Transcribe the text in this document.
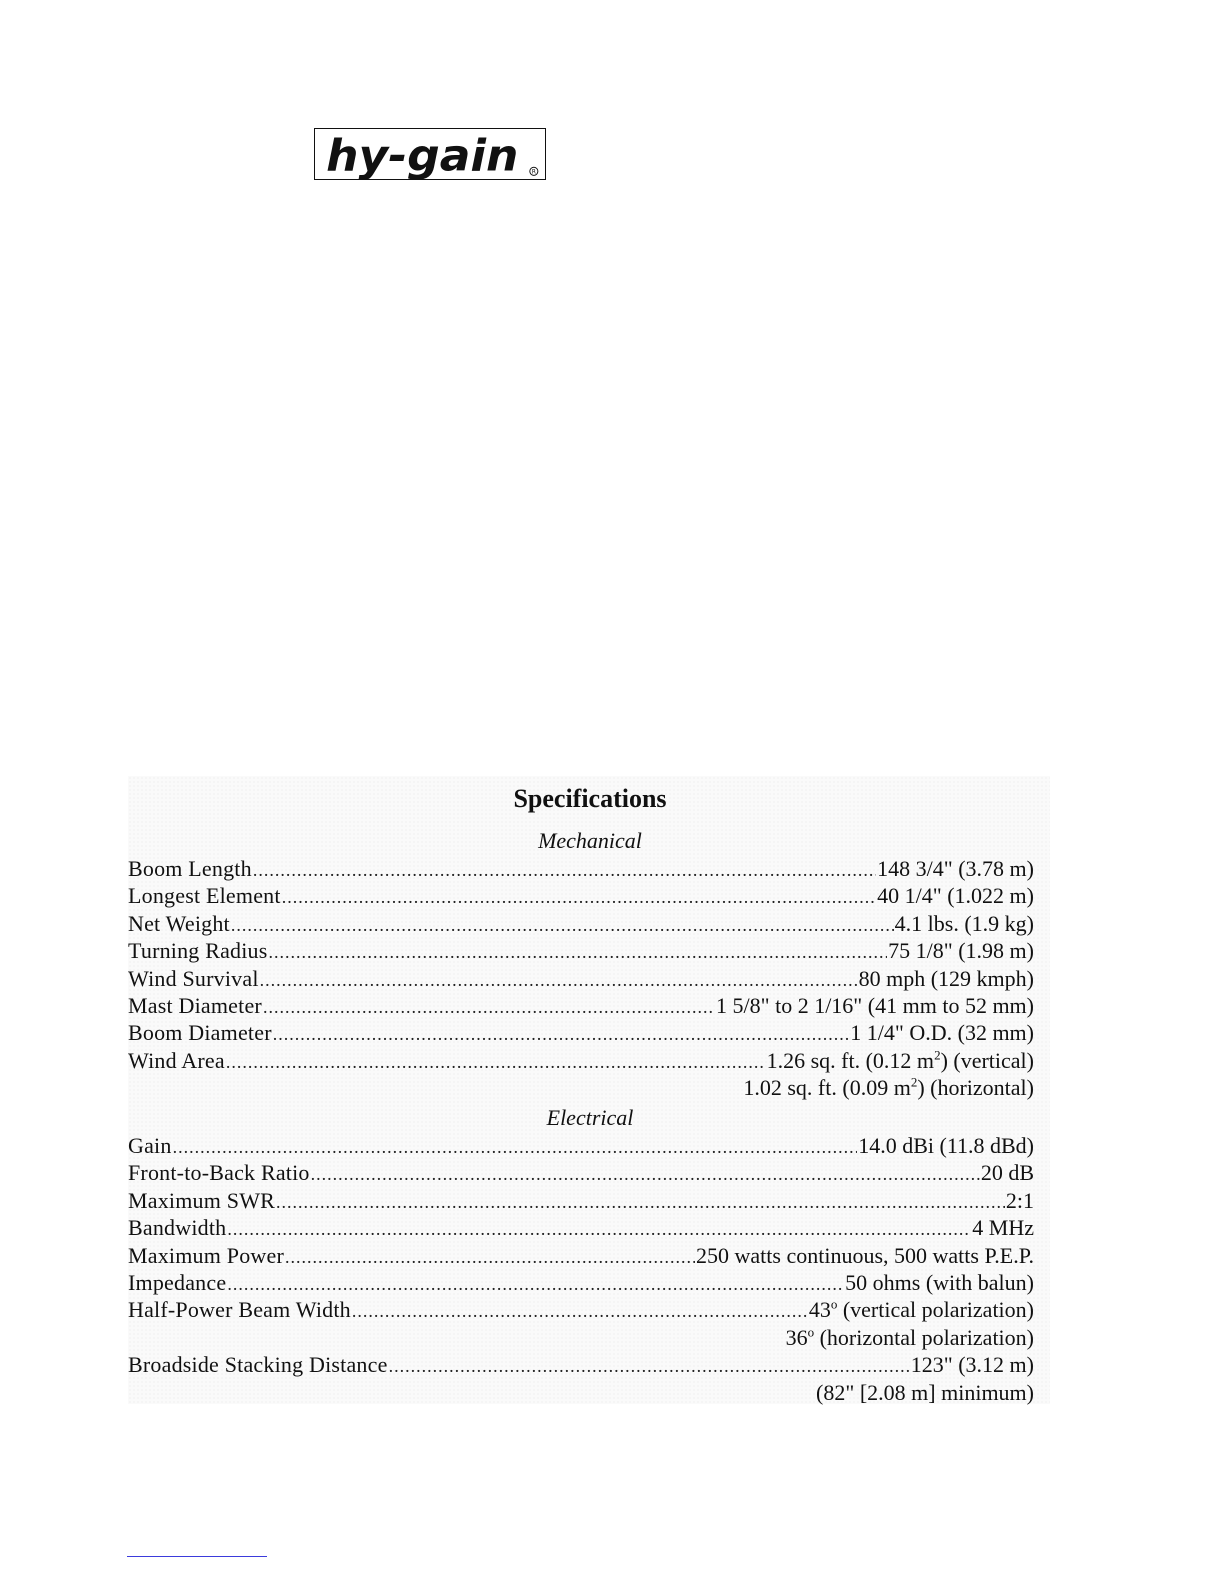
hy-gain R
Specifications
Mechanical
Boom Length .....	148 3/4" (3.78 m)
Longest Element .....	40 1/4" (1.022 m)
Net Weight .....	4.1 lbs. (1.9 kg)
Turning Radius .....	75 1/8" (1.98 m)
Wind Survival .....	80 mph (129 kmph)
Mast Diameter .....	1 5/8" to 2 1/16" (41 mm to 52 mm)
Boom Diameter .....	1 1/4" O.D. (32 mm)
Wind Area .....	1.26 sq. ft. (0.12 $m^2$) (vertical)
1.02 sq. ft. (0.09 $m^2$) (horizontal)
Electrical
Gain .....	14.0 dBi (11.8 dBd)
Front-to-Back Ratio .....	20 dB
Maximum SWR .....	2:1
Bandwidth .....	4 MHz
Maximum Power .....	250 watts continuous, 500 watts P.E.P.
Impedance .....	50 ohms (with balun)
Half-Power Beam Width .....	43$^o$ (vertical polarization)
36$^o$ (horizontal polarization)
Broadside Stacking Distance .....	123" (3.12 m)
(82" [2.08 m] minimum)
